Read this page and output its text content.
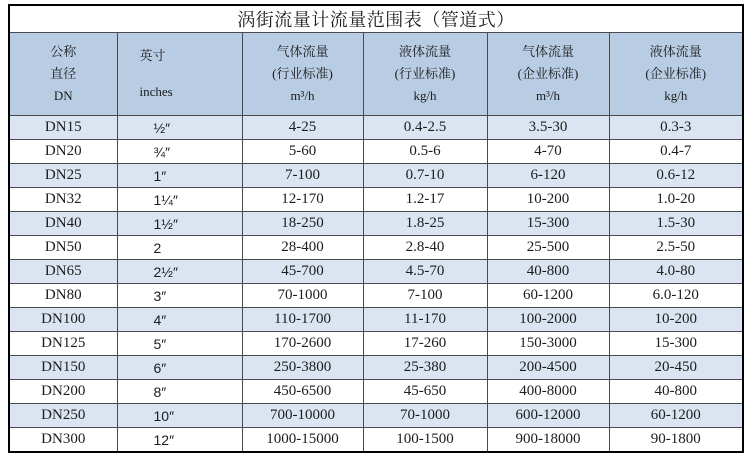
涡街流量计流量范围表（管道式）					

公称
直径
DN

英寸
inches

气体流量
(行业标准)
m³/h

液体流量
(行业标准)
kg/h

气体流量
(企业标准)
m³/h

液体流量
(企业标准)
kg/h

DN15	½″	4-25	0.4-2.5	3.5-30	0.3-3
DN20	¾″	5-60	0.5-6	4-70	0.4-7
DN25	1″	7-100	0.7-10	6-120	0.6-12
DN32	1¼″	12-170	1.2-17	10-200	1.0-20
DN40	1½″	18-250	1.8-25	15-300	1.5-30
DN50	2	28-400	2.8-40	25-500	2.5-50
DN65	2½″	45-700	4.5-70	40-800	4.0-80
DN80	3″	70-1000	7-100	60-1200	6.0-120
DN100	4″	110-1700	11-170	100-2000	10-200
DN125	5″	170-2600	17-260	150-3000	15-300
DN150	6″	250-3800	25-380	200-4500	20-450
DN200	8″	450-6500	45-650	400-8000	40-800
DN250	10″	700-10000	70-1000	600-12000	60-1200
DN300	12″	1000-15000	100-1500	900-18000	90-1800
